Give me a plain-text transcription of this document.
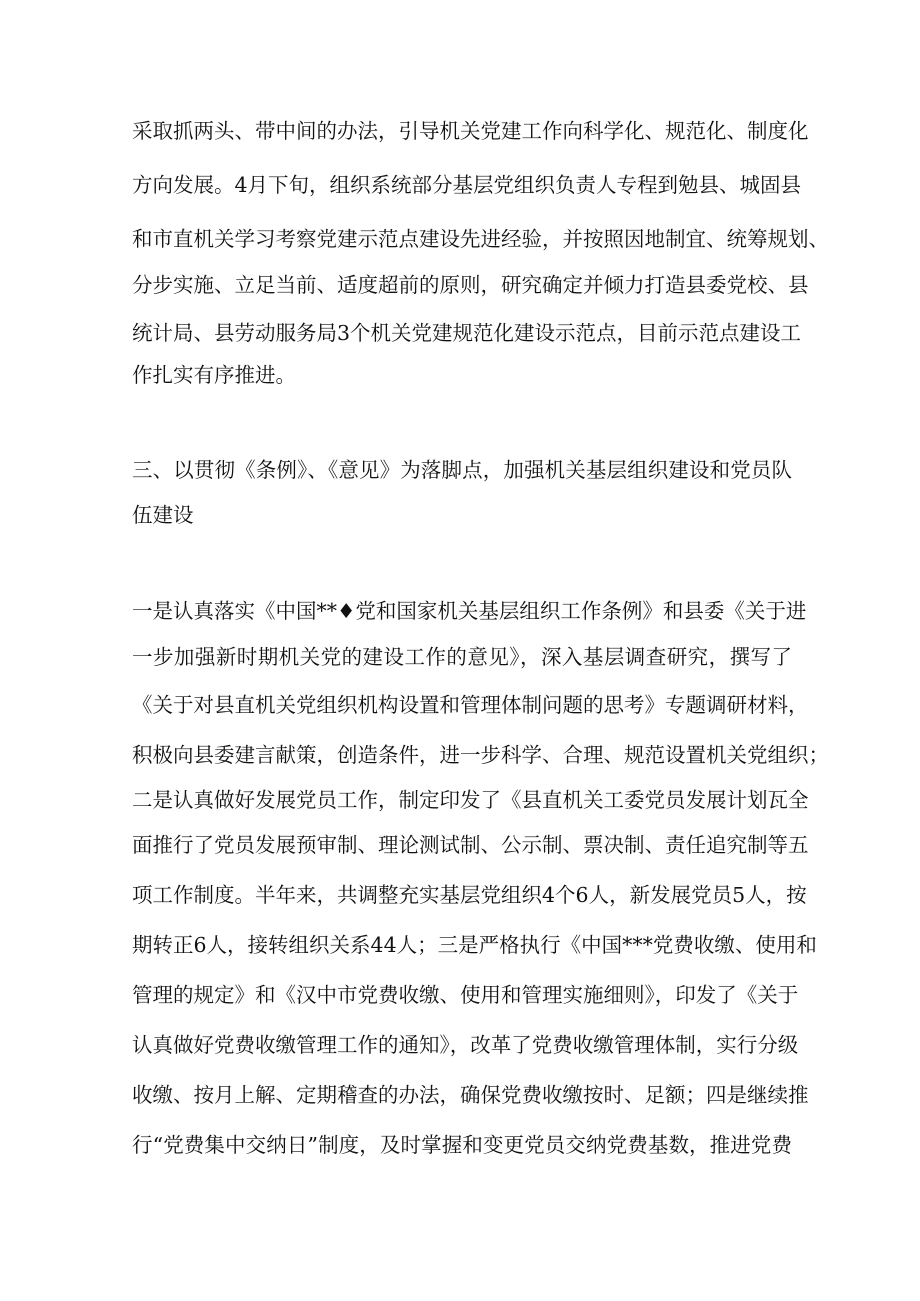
采取抓两头、带中间的办法，引导机关党建工作向科学化、规范化、制度化
方向发展。4月下旬，组织系统部分基层党组织负责人专程到勉县、城固县
和市直机关学习考察党建示范点建设先进经验，并按照因地制宜、统筹规划、
分步实施、立足当前、适度超前的原则，研究确定并倾力打造县委党校、县
统计局、县劳动服务局3个机关党建规范化建设示范点，目前示范点建设工
作扎实有序推进。
三、以贯彻《条例》、《意见》为落脚点，加强机关基层组织建设和党员队
伍建设
一是认真落实《中国**♦党和国家机关基层组织工作条例》和县委《关于进
一步加强新时期机关党的建设工作的意见》，深入基层调查研究，撰写了
《关于对县直机关党组织机构设置和管理体制问题的思考》专题调研材料，
积极向县委建言献策，创造条件，进一步科学、合理、规范设置机关党组织；
二是认真做好发展党员工作，制定印发了《县直机关工委党员发展计划瓦全
面推行了党员发展预审制、理论测试制、公示制、票决制、责任追究制等五
项工作制度。半年来，共调整充实基层党组织4个6人，新发展党员5人，按
期转正6人，接转组织关系44人；三是严格执行《中国***党费收缴、使用和
管理的规定》和《汉中市党费收缴、使用和管理实施细则》，印发了《关于
认真做好党费收缴管理工作的通知》，改革了党费收缴管理体制，实行分级
收缴、按月上解、定期稽查的办法，确保党费收缴按时、足额；四是继续推
行“党费集中交纳日”制度，及时掌握和变更党员交纳党费基数，推进党费
